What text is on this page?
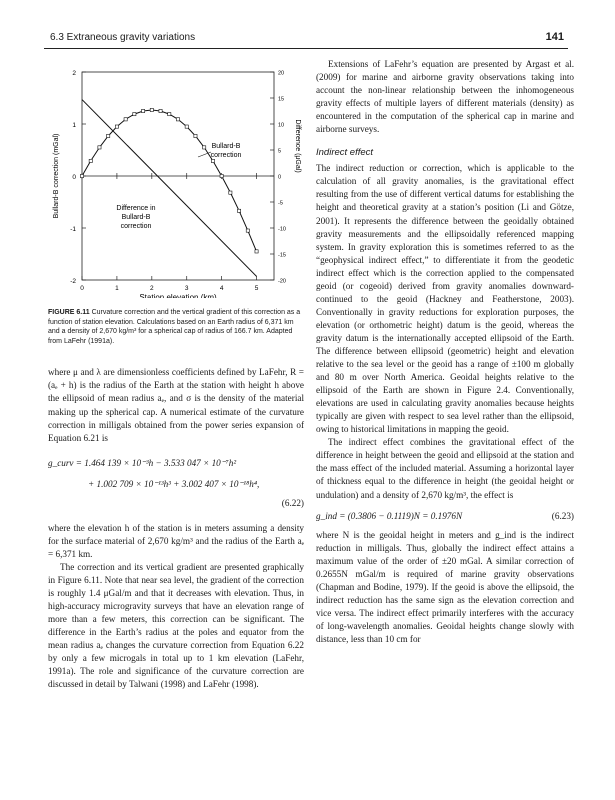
6.3 Extraneous gravity variations	141
2
1
0
-1
-2
20
15
10
5
0
-5
-10
-15
-20
0	1	2	3	4	5
Station elevation (km)
Bullard-B correction (mGal)	Difference (μGal)
Bullard-B
correction
Difference in
Bullard-B
correction
FIGURE 6.11 Curvature correction and the vertical gradient of this correction as a function of station elevation. Calculations based on an Earth radius of 6,371 km and a density of 2,670 kg/m³ for a spherical cap of radius of 166.7 km. Adapted from LaFehr (1991a).

where μ and λ are dimensionless coefficients defined by LaFehr, R = (aₑ + h) is the radius of the Earth at the station with height h above the ellipsoid of mean radius aₑ, and σ is the density of the material making up the spherical cap. A numerical estimate of the curvature correction in milligals obtained from the power series expansion of Equation 6.21 is

g_curv = 1.464 139 × 10⁻³h − 3.533 047 × 10⁻⁷h²
+ 1.002 709 × 10⁻¹³h³ + 3.002 407 × 10⁻¹⁸h⁴,
(6.22)

where the elevation h of the station is in meters assuming a density for the surface material of 2,670 kg/m³ and the radius of the Earth aₑ = 6,371 km.

The correction and its vertical gradient are presented graphically in Figure 6.11. Note that near sea level, the gradient of the correction is roughly 1.4 μGal/m and that it decreases with elevation. Thus, in high-accuracy microgravity surveys that have an elevation range of more than a few meters, this correction can be significant. The difference in the Earth’s radius at the poles and equator from the mean radius aₑ changes the curvature correction from Equation 6.22 by only a few microgals in total up to 1 km elevation (LaFehr, 1991a). The role and significance of the curvature correction are discussed in detail by Talwani (1998) and LaFehr (1998).

Extensions of LaFehr’s equation are presented by Argast et al. (2009) for marine and airborne gravity observations taking into account the non-linear relationship between the inhomogeneous gravity effects of multiple layers of different materials (density) as encountered in the computation of the spherical cap in marine and airborne surveys.

Indirect effect

The indirect reduction or correction, which is applicable to the calculation of all gravity anomalies, is the gravitational effect resulting from the use of different vertical datums for establishing the height and theoretical gravity at a station’s position (Li and Götze, 2001). It represents the difference between the geoidally obtained gravity measurements and the ellipsoidally referenced mapping system. In gravity exploration this is sometimes referred to as the “geophysical indirect effect,” to differentiate it from the geodetic indirect effect which is the correction applied to the compensated geoid (or cogeoid) derived from gravity anomalies downward-continued to the geoid (Hackney and Featherstone, 2003). Conventionally in gravity reductions for exploration purposes, the elevation (or orthometric height) datum is the geoid, whereas the gravity datum is the internationally accepted ellipsoid of the Earth. The difference between ellipsoid (geometric) height and elevation relative to the sea level or the geoid has a range of ±100 m globally and 80 m over North America. Geoidal heights relative to the ellipsoid of the Earth are shown in Figure 2.4. Conventionally, elevations are used in calculating gravity anomalies because heights typically are given with respect to sea level rather than the ellipsoid, owing to historical limitations in mapping the geoid.

The indirect effect combines the gravitational effect of the difference in height between the geoid and ellipsoid at the station and the mass effect of the included material. Assuming a horizontal layer of thickness equal to the difference in height (the geoidal height or undulation) and a density of 2,670 kg/m³, the effect is

g_ind = (0.3806 − 0.1119)N = 0.1976N	(6.23)

where N is the geoidal height in meters and g_ind is the indirect reduction in milligals. Thus, globally the indirect effect attains a maximum value of the order of ±20 mGal. A similar correction of 0.2655N mGal/m is required of marine gravity observations (Chapman and Bodine, 1979). If the geoid is above the ellipsoid, the indirect reduction has the same sign as the elevation correction and vice versa. The indirect effect primarily interferes with the accuracy of long-wavelength anomalies. Geoidal heights change slowly with distance, less than 10 cm for
